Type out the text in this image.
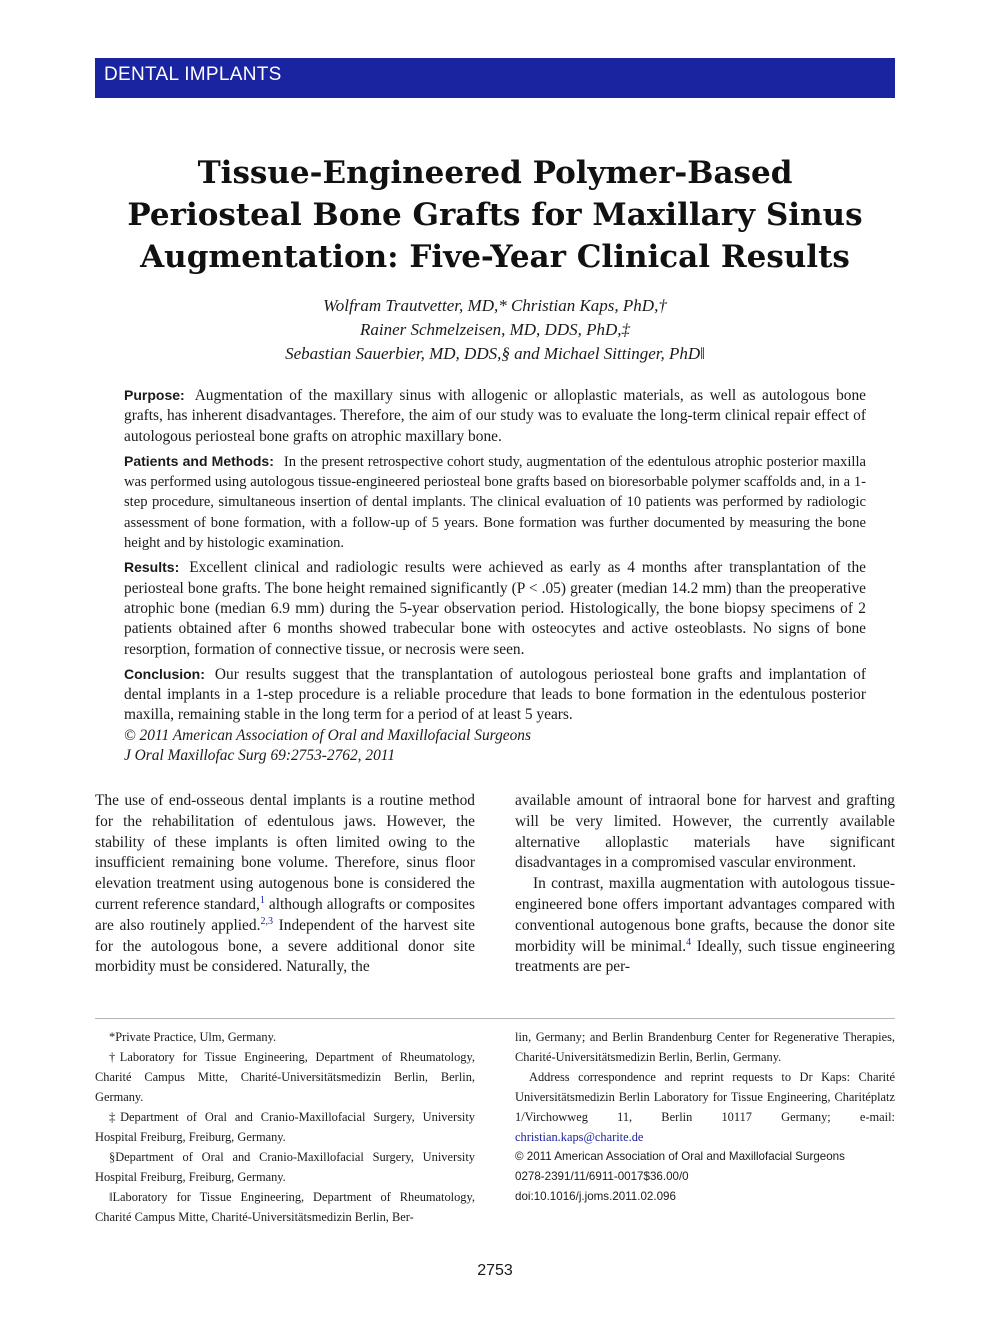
DENTAL IMPLANTS
Tissue-Engineered Polymer-Based
Periosteal Bone Grafts for Maxillary Sinus
Augmentation: Five-Year Clinical Results
Wolfram Trautvetter, MD,* Christian Kaps, PhD,†
Rainer Schmelzeisen, MD, DDS, PhD,‡
Sebastian Sauerbier, MD, DDS,§ and Michael Sittinger, PhD‖

Purpose: Augmentation of the maxillary sinus with allogenic or alloplastic materials, as well as autologous bone grafts, has inherent disadvantages. Therefore, the aim of our study was to evaluate the long-term clinical repair effect of autologous periosteal bone grafts on atrophic maxillary bone.

Patients and Methods: In the present retrospective cohort study, augmentation of the edentulous atrophic posterior maxilla was performed using autologous tissue-engineered periosteal bone grafts based on bioresorbable polymer scaffolds and, in a 1-step procedure, simultaneous insertion of dental implants. The clinical evaluation of 10 patients was performed by radiologic assessment of bone formation, with a follow-up of 5 years. Bone formation was further documented by measuring the bone height and by histologic examination.

Results: Excellent clinical and radiologic results were achieved as early as 4 months after transplantation of the periosteal bone grafts. The bone height remained significantly (P < .05) greater (median 14.2 mm) than the preoperative atrophic bone (median 6.9 mm) during the 5-year observation period. Histologically, the bone biopsy specimens of 2 patients obtained after 6 months showed trabecular bone with osteocytes and active osteoblasts. No signs of bone resorption, formation of connective tissue, or necrosis were seen.

Conclusion: Our results suggest that the transplantation of autologous periosteal bone grafts and implantation of dental implants in a 1-step procedure is a reliable procedure that leads to bone formation in the edentulous posterior maxilla, remaining stable in the long term for a period of at least 5 years.
© 2011 American Association of Oral and Maxillofacial Surgeons
J Oral Maxillofac Surg 69:2753-2762, 2011

The use of end-osseous dental implants is a routine method for the rehabilitation of edentulous jaws. However, the stability of these implants is often limited owing to the insufficient remaining bone volume. Therefore, sinus floor elevation treatment using autogenous bone is considered the current reference standard,$^1$ although allografts or composites are also routinely applied.$^{2,3}$ Independent of the harvest site for the autologous bone, a severe additional donor site morbidity must be considered. Naturally, the

available amount of intraoral bone for harvest and grafting will be very limited. However, the currently available alternative alloplastic materials have significant disadvantages in a compromised vascular environment.

In contrast, maxilla augmentation with autologous tissue-engineered bone offers important advantages compared with conventional autogenous bone grafts, because the donor site morbidity will be minimal.$^4$ Ideally, such tissue engineering treatments are per-

*Private Practice, Ulm, Germany.

†Laboratory for Tissue Engineering, Department of Rheumatology, Charité Campus Mitte, Charité-Universitätsmedizin Berlin, Berlin, Germany.

‡Department of Oral and Cranio-Maxillofacial Surgery, University Hospital Freiburg, Freiburg, Germany.

§Department of Oral and Cranio-Maxillofacial Surgery, University Hospital Freiburg, Freiburg, Germany.

‖Laboratory for Tissue Engineering, Department of Rheumatology, Charité Campus Mitte, Charité-Universitätsmedizin Berlin, Ber-

lin, Germany; and Berlin Brandenburg Center for Regenerative Therapies, Charité-Universitätsmedizin Berlin, Berlin, Germany.

Address correspondence and reprint requests to Dr Kaps: Charité Universitätsmedizin Berlin Laboratory for Tissue Engineering, Charitéplatz 1/Virchowweg 11, Berlin 10117 Germany; e-mail: christian.kaps@charite.de

© 2011 American Association of Oral and Maxillofacial Surgeons

0278-2391/11/6911-0017$36.00/0

doi:10.1016/j.joms.2011.02.096

2753
